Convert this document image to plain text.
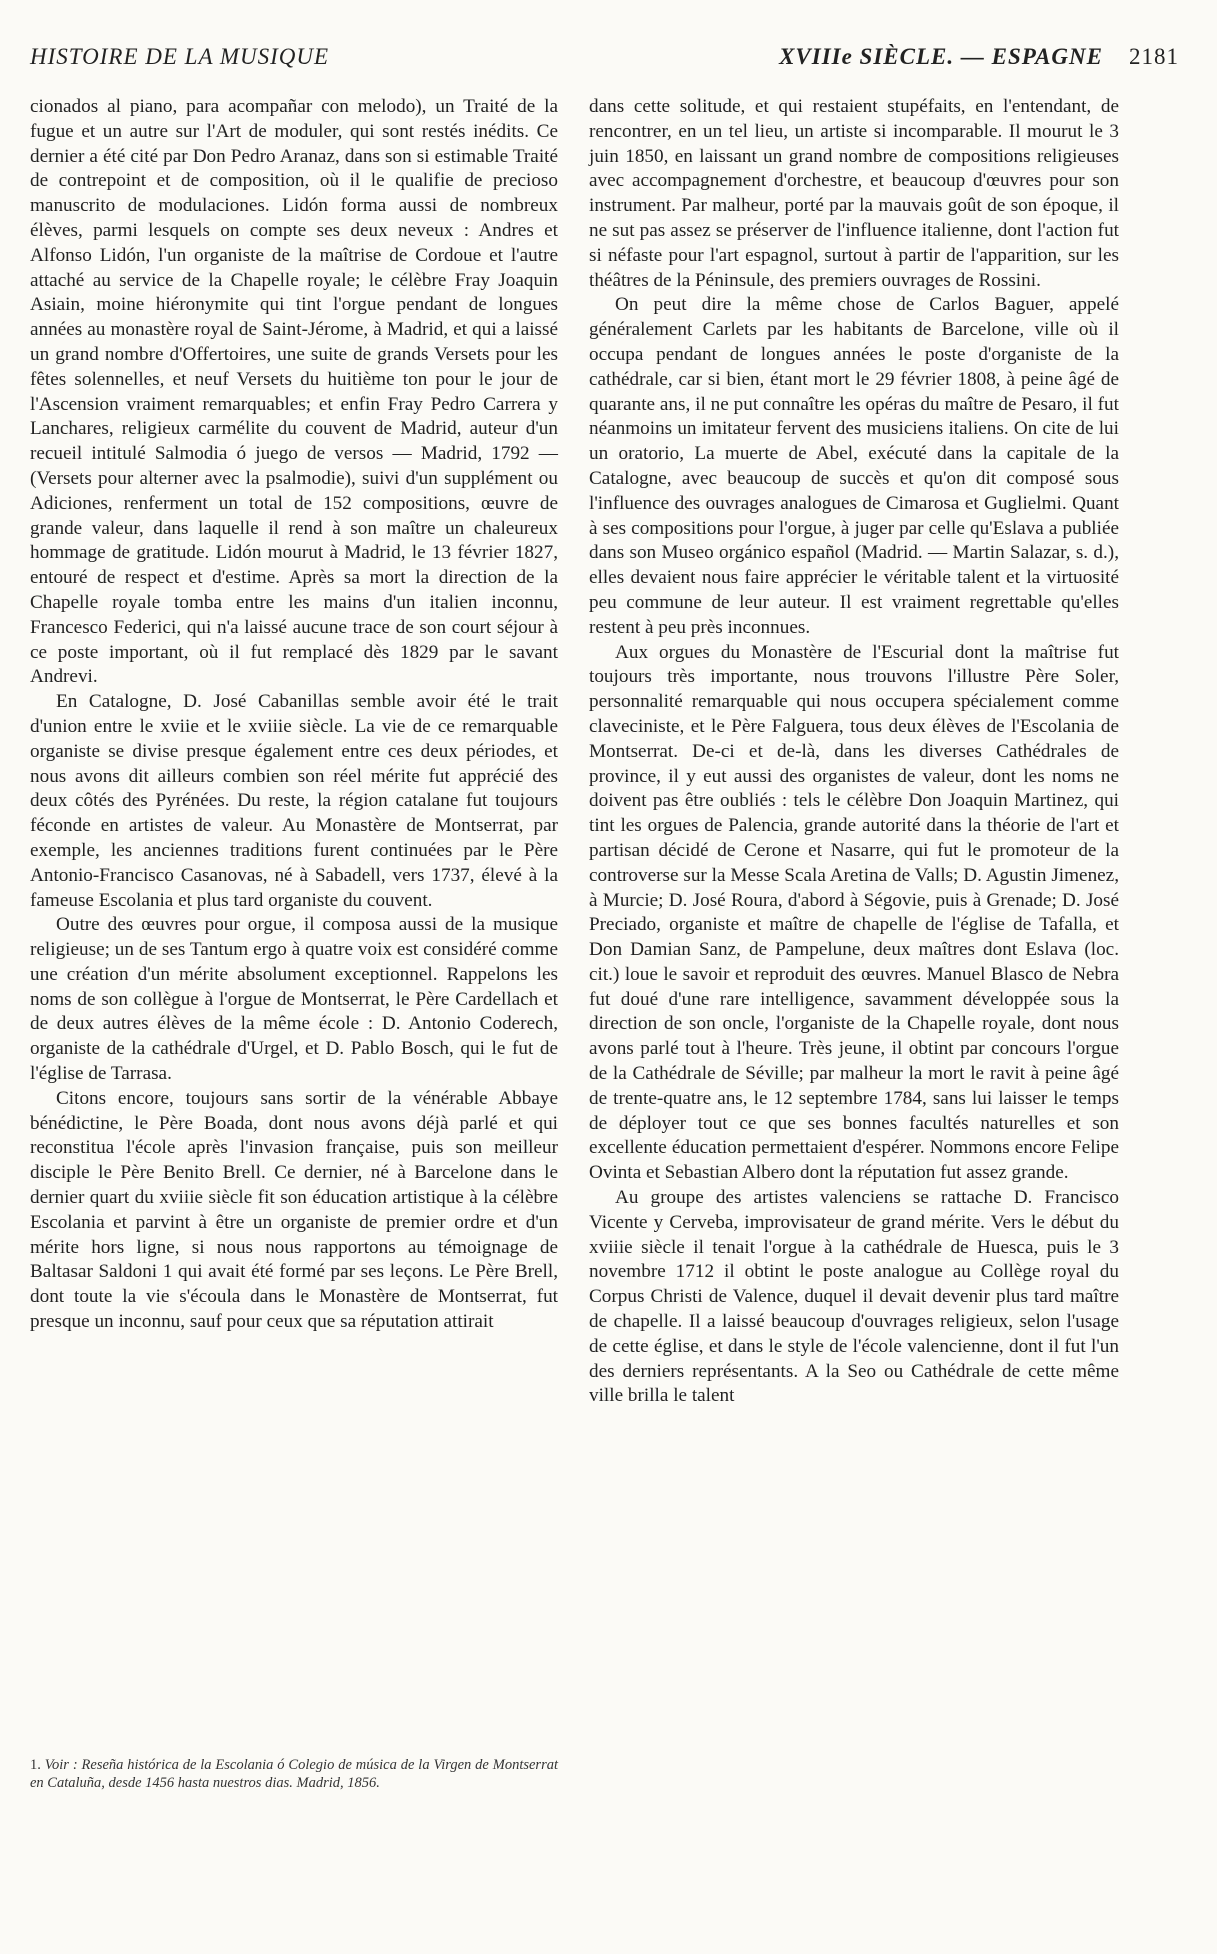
HISTOIRE DE LA MUSIQUE	XVIIIe SIÈCLE. — ESPAGNE 2181

cionados al piano, para acompañar con melodo), un Traité de la fugue et un autre sur l'Art de moduler, qui sont restés inédits. Ce dernier a été cité par Don Pedro Aranaz, dans son si estimable Traité de contrepoint et de composition, où il le qualifie de precioso manuscrito de modulaciones. Lidón forma aussi de nombreux élèves, parmi lesquels on compte ses deux neveux : Andres et Alfonso Lidón, l'un organiste de la maîtrise de Cordoue et l'autre attaché au service de la Chapelle royale; le célèbre Fray Joaquin Asiain, moine hiéronymite qui tint l'orgue pendant de longues années au monastère royal de Saint-Jérome, à Madrid, et qui a laissé un grand nombre d'Offertoires, une suite de grands Versets pour les fêtes solennelles, et neuf Versets du huitième ton pour le jour de l'Ascension vraiment remarquables; et enfin Fray Pedro Carrera y Lanchares, religieux carmélite du couvent de Madrid, auteur d'un recueil intitulé Salmodia ó juego de versos — Madrid, 1792 — (Versets pour alterner avec la psalmodie), suivi d'un supplément ou Adiciones, renferment un total de 152 compositions, œuvre de grande valeur, dans laquelle il rend à son maître un chaleureux hommage de gratitude. Lidón mourut à Madrid, le 13 février 1827, entouré de respect et d'estime. Après sa mort la direction de la Chapelle royale tomba entre les mains d'un italien inconnu, Francesco Federici, qui n'a laissé aucune trace de son court séjour à ce poste important, où il fut remplacé dès 1829 par le savant Andrevi.

En Catalogne, D. José Cabanillas semble avoir été le trait d'union entre le xviie et le xviiie siècle. La vie de ce remarquable organiste se divise presque également entre ces deux périodes, et nous avons dit ailleurs combien son réel mérite fut apprécié des deux côtés des Pyrénées. Du reste, la région catalane fut toujours féconde en artistes de valeur. Au Monastère de Montserrat, par exemple, les anciennes traditions furent continuées par le Père Antonio-Francisco Casanovas, né à Sabadell, vers 1737, élevé à la fameuse Escolania et plus tard organiste du couvent.

Outre des œuvres pour orgue, il composa aussi de la musique religieuse; un de ses Tantum ergo à quatre voix est considéré comme une création d'un mérite absolument exceptionnel. Rappelons les noms de son collègue à l'orgue de Montserrat, le Père Cardellach et de deux autres élèves de la même école : D. Antonio Coderech, organiste de la cathédrale d'Urgel, et D. Pablo Bosch, qui le fut de l'église de Tarrasa.

Citons encore, toujours sans sortir de la vénérable Abbaye bénédictine, le Père Boada, dont nous avons déjà parlé et qui reconstitua l'école après l'invasion française, puis son meilleur disciple le Père Benito Brell. Ce dernier, né à Barcelone dans le dernier quart du xviiie siècle fit son éducation artistique à la célèbre Escolania et parvint à être un organiste de premier ordre et d'un mérite hors ligne, si nous nous rapportons au témoignage de Baltasar Saldoni 1 qui avait été formé par ses leçons. Le Père Brell, dont toute la vie s'écoula dans le Monastère de Montserrat, fut presque un inconnu, sauf pour ceux que sa réputation attirait

dans cette solitude, et qui restaient stupéfaits, en l'entendant, de rencontrer, en un tel lieu, un artiste si incomparable. Il mourut le 3 juin 1850, en laissant un grand nombre de compositions religieuses avec accompagnement d'orchestre, et beaucoup d'œuvres pour son instrument. Par malheur, porté par la mauvais goût de son époque, il ne sut pas assez se préserver de l'influence italienne, dont l'action fut si néfaste pour l'art espagnol, surtout à partir de l'apparition, sur les théâtres de la Péninsule, des premiers ouvrages de Rossini.

On peut dire la même chose de Carlos Baguer, appelé généralement Carlets par les habitants de Barcelone, ville où il occupa pendant de longues années le poste d'organiste de la cathédrale, car si bien, étant mort le 29 février 1808, à peine âgé de quarante ans, il ne put connaître les opéras du maître de Pesaro, il fut néanmoins un imitateur fervent des musiciens italiens. On cite de lui un oratorio, La muerte de Abel, exécuté dans la capitale de la Catalogne, avec beaucoup de succès et qu'on dit composé sous l'influence des ouvrages analogues de Cimarosa et Guglielmi. Quant à ses compositions pour l'orgue, à juger par celle qu'Eslava a publiée dans son Museo orgánico español (Madrid. — Martin Salazar, s. d.), elles devaient nous faire apprécier le véritable talent et la virtuosité peu commune de leur auteur. Il est vraiment regrettable qu'elles restent à peu près inconnues.

Aux orgues du Monastère de l'Escurial dont la maîtrise fut toujours très importante, nous trouvons l'illustre Père Soler, personnalité remarquable qui nous occupera spécialement comme claveciniste, et le Père Falguera, tous deux élèves de l'Escolania de Montserrat. De-ci et de-là, dans les diverses Cathédrales de province, il y eut aussi des organistes de valeur, dont les noms ne doivent pas être oubliés : tels le célèbre Don Joaquin Martinez, qui tint les orgues de Palencia, grande autorité dans la théorie de l'art et partisan décidé de Cerone et Nasarre, qui fut le promoteur de la controverse sur la Messe Scala Aretina de Valls; D. Agustin Jimenez, à Murcie; D. José Roura, d'abord à Ségovie, puis à Grenade; D. José Preciado, organiste et maître de chapelle de l'église de Tafalla, et Don Damian Sanz, de Pampelune, deux maîtres dont Eslava (loc. cit.) loue le savoir et reproduit des œuvres. Manuel Blasco de Nebra fut doué d'une rare intelligence, savamment développée sous la direction de son oncle, l'organiste de la Chapelle royale, dont nous avons parlé tout à l'heure. Très jeune, il obtint par concours l'orgue de la Cathédrale de Séville; par malheur la mort le ravit à peine âgé de trente-quatre ans, le 12 septembre 1784, sans lui laisser le temps de déployer tout ce que ses bonnes facultés naturelles et son excellente éducation permettaient d'espérer. Nommons encore Felipe Ovinta et Sebastian Albero dont la réputation fut assez grande.

Au groupe des artistes valenciens se rattache D. Francisco Vicente y Cerveba, improvisateur de grand mérite. Vers le début du xviiie siècle il tenait l'orgue à la cathédrale de Huesca, puis le 3 novembre 1712 il obtint le poste analogue au Collège royal du Corpus Christi de Valence, duquel il devait devenir plus tard maître de chapelle. Il a laissé beaucoup d'ouvrages religieux, selon l'usage de cette église, et dans le style de l'école valencienne, dont il fut l'un des derniers représentants. A la Seo ou Cathédrale de cette même ville brilla le talent

1. Voir : Reseña histórica de la Escolania ó Colegio de música de la Virgen de Montserrat en Cataluña, desde 1456 hasta nuestros dias. Madrid, 1856.
